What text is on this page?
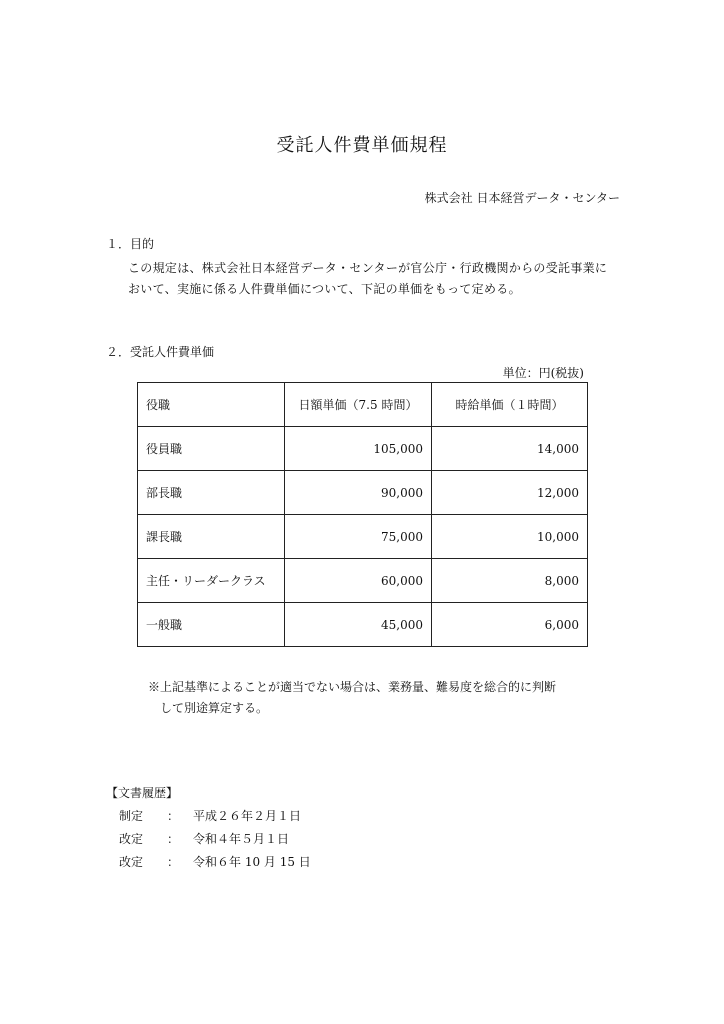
受託人件費単価規程
株式会社 日本経営データ・センター
１．目的
この規定は、株式会社日本経営データ・センターが官公庁・行政機関からの受託事業に
おいて、実施に係る人件費単価について、下記の単価をもって定める。
２．受託人件費単価
単位：円(税抜)
役職	日額単価（7.5 時間）	時給単価（１時間）
役員職	105,000	14,000
部長職	90,000	12,000
課長職	75,000	10,000
主任・リーダークラス	60,000	8,000
一般職	45,000	6,000
※上記基準によることが適当でない場合は、業務量、難易度を総合的に判断
して別途算定する。
【文書履歴】
制定 ： 平成２６年２月１日
改定 ： 令和４年５月１日
改定 ： 令和６年 10 月 15 日
